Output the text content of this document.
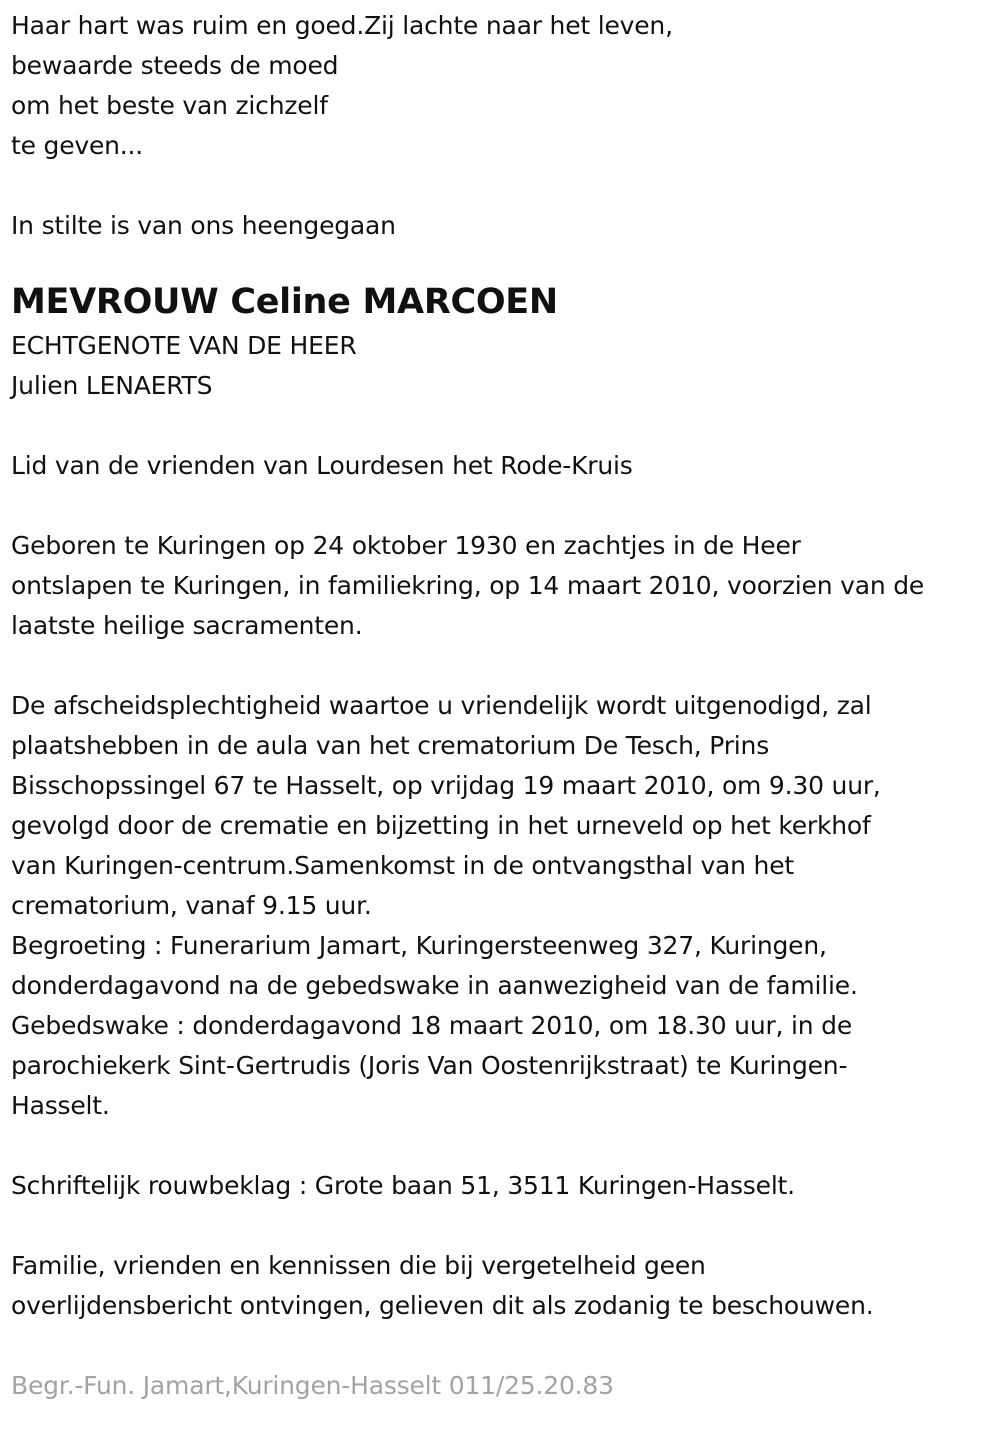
Haar hart was ruim en goed.Zij lachte naar het leven,
bewaarde steeds de moed
om het beste van zichzelf
te geven...
In stilte is van ons heengegaan
MEVROUW Celine MARCOEN
ECHTGENOTE VAN DE HEER
Julien LENAERTS
Lid van de vrienden van Lourdesen het Rode-Kruis
Geboren te Kuringen op 24 oktober 1930 en zachtjes in de Heer
ontslapen te Kuringen, in familiekring, op 14 maart 2010, voorzien van de
laatste heilige sacramenten.
De afscheidsplechtigheid waartoe u vriendelijk wordt uitgenodigd, zal
plaatshebben in de aula van het crematorium De Tesch, Prins
Bisschopssingel 67 te Hasselt, op vrijdag 19 maart 2010, om 9.30 uur,
gevolgd door de crematie en bijzetting in het urneveld op het kerkhof
van Kuringen-centrum.Samenkomst in de ontvangsthal van het
crematorium, vanaf 9.15 uur.
Begroeting : Funerarium Jamart, Kuringersteenweg 327, Kuringen,
donderdagavond na de gebedswake in aanwezigheid van de familie.
Gebedswake : donderdagavond 18 maart 2010, om 18.30 uur, in de
parochiekerk Sint-Gertrudis (Joris Van Oostenrijkstraat) te Kuringen-
Hasselt.
Schriftelijk rouwbeklag : Grote baan 51, 3511 Kuringen-Hasselt.
Familie, vrienden en kennissen die bij vergetelheid geen
overlijdensbericht ontvingen, gelieven dit als zodanig te beschouwen.
Begr.-Fun. Jamart,Kuringen-Hasselt 011/25.20.83
